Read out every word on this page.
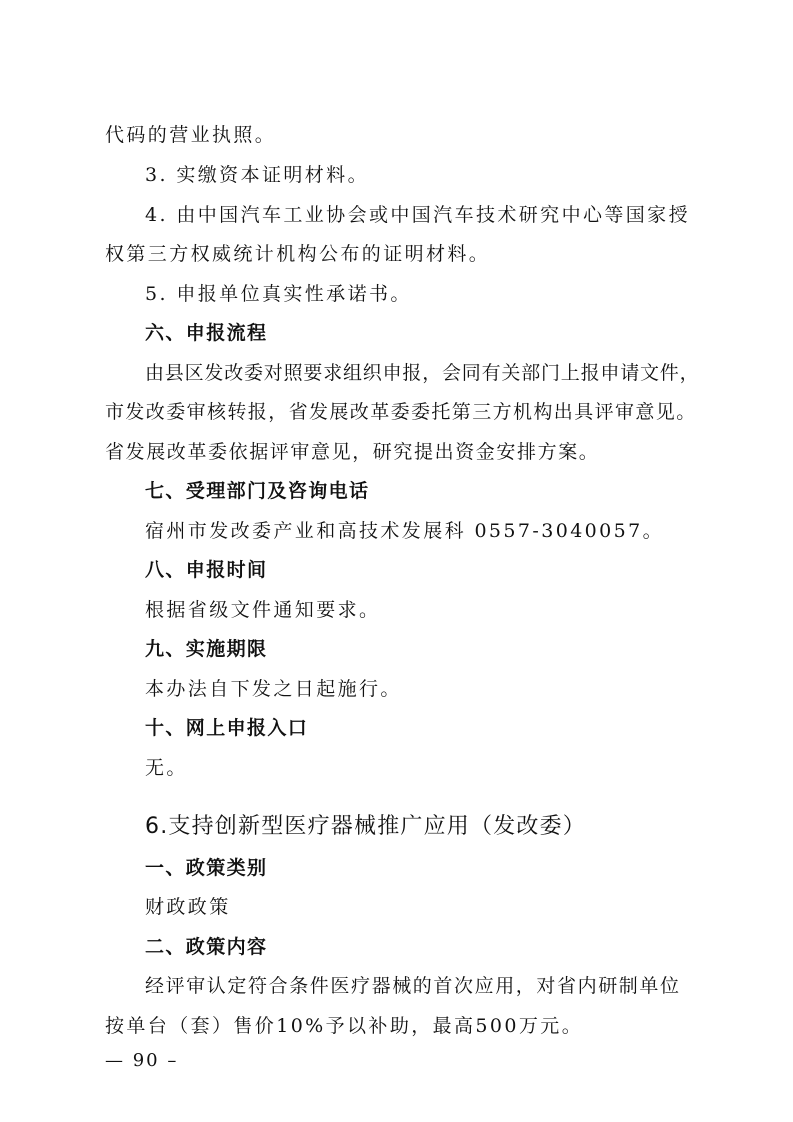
代码的营业执照。
3. 实缴资本证明材料。
4. 由中国汽车工业协会或中国汽车技术研究中心等国家授
权第三方权威统计机构公布的证明材料。
5. 申报单位真实性承诺书。
六、申报流程
由县区发改委对照要求组织申报，会同有关部门上报申请文件，
市发改委审核转报，省发展改革委委托第三方机构出具评审意见。
省发展改革委依据评审意见，研究提出资金安排方案。
七、受理部门及咨询电话
宿州市发改委产业和高技术发展科 0557-3040057。
八、申报时间
根据省级文件通知要求。
九、实施期限
本办法自下发之日起施行。
十、网上申报入口
无。
6.支持创新型医疗器械推广应用（发改委）
一、政策类别
财政政策
二、政策内容
经评审认定符合条件医疗器械的首次应用，对省内研制单位
按单台（套）售价10%予以补助，最高500万元。
— 90 –
